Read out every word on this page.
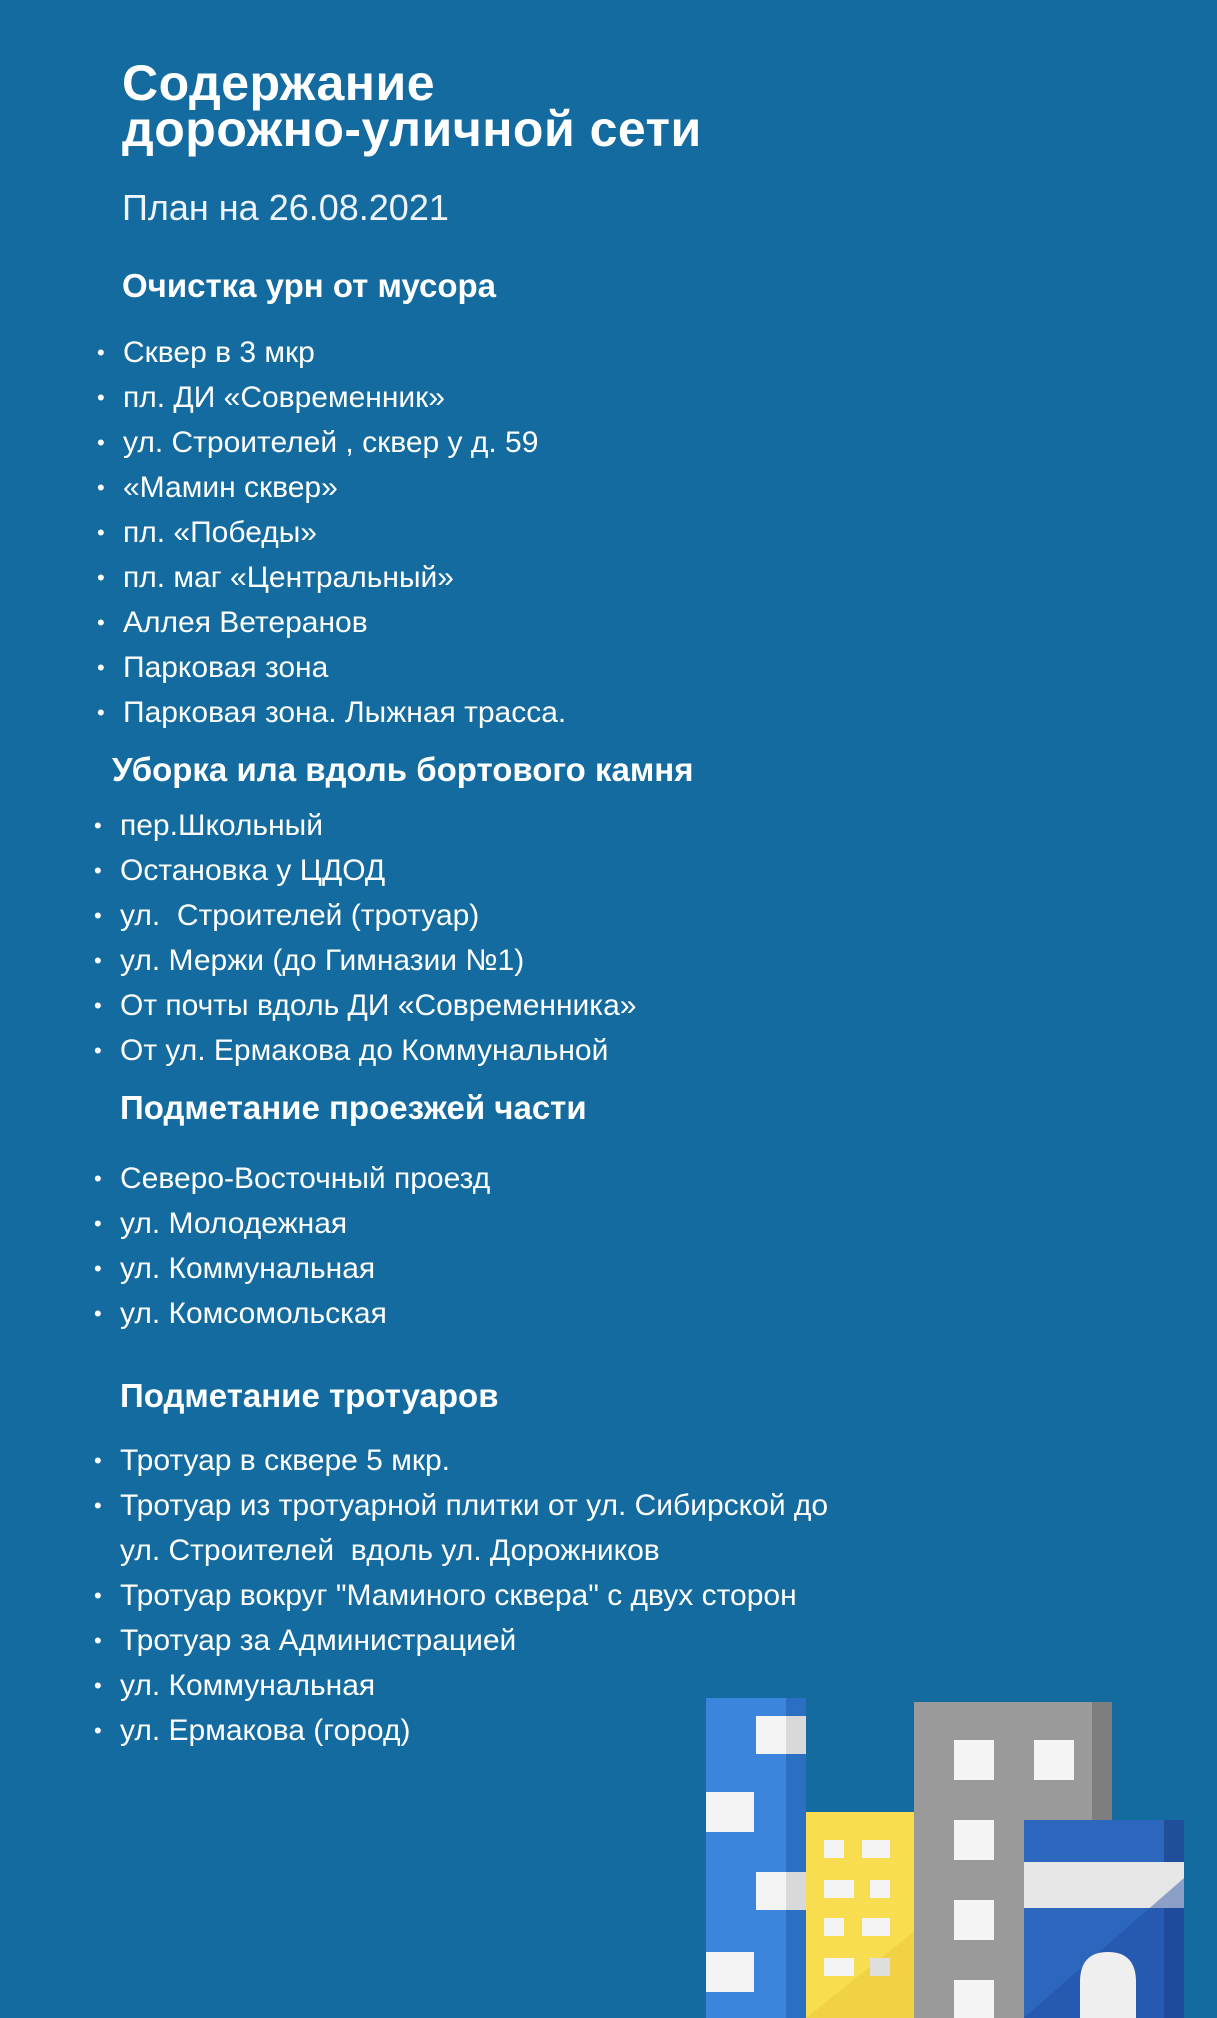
Содержание
дорожно-уличной сети
План на 26.08.2021
Очистка урн от мусора
• Сквер в 3 мкр
• пл. ДИ «Современник»
• ул. Строителей , сквер у д. 59
• «Мамин сквер»
• пл. «Победы»
• пл. маг «Центральный»
• Аллея Ветеранов
• Парковая зона
• Парковая зона. Лыжная трасса.
Уборка ила вдоль бортового камня
• пер.Школьный
• Остановка у ЦДОД
• ул.  Строителей (тротуар)
• ул. Мержи (до Гимназии №1)
• От почты вдоль ДИ «Современника»
• От ул. Ермакова до Коммунальной
Подметание проезжей части
• Северо-Восточный проезд
• ул. Молодежная
• ул. Коммунальная
• ул. Комсомольская
Подметание тротуаров
• Тротуар в сквере 5 мкр.
• Тротуар из тротуарной плитки от ул. Сибирской до
ул. Строителей  вдоль ул. Дорожников
• Тротуар вокруг "Маминого сквера" с двух сторон
• Тротуар за Администрацией
• ул. Коммунальная
• ул. Ермакова (город)
